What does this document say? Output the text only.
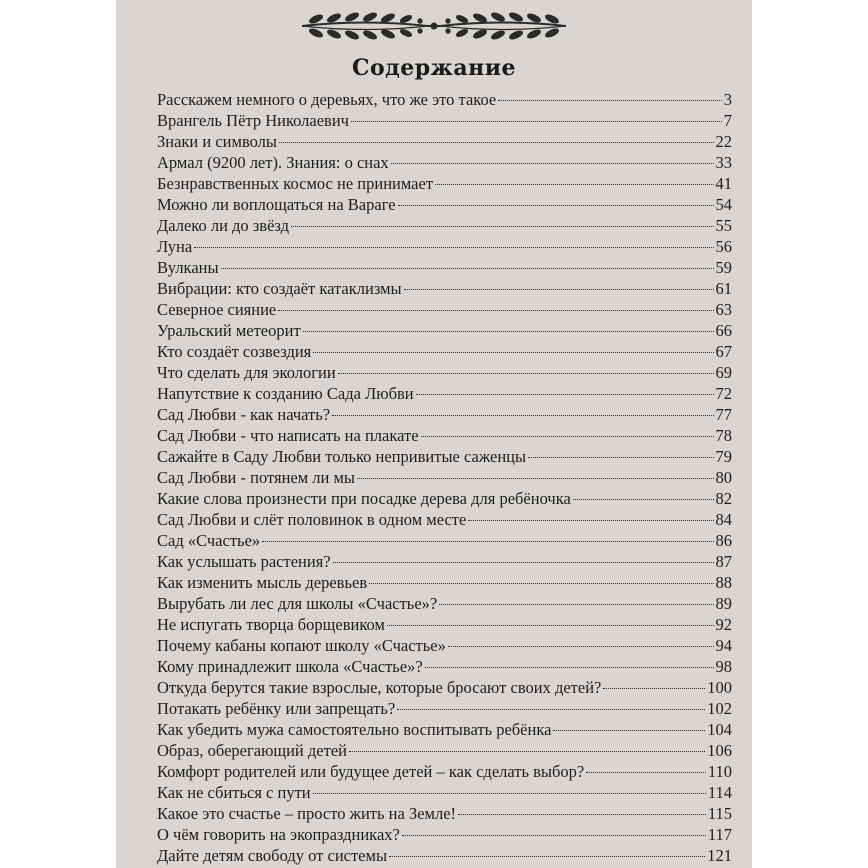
Содержание
Расскажем немного о деревьях, что же это такое	3
Врангель Пётр Николаевич	7
Знаки и символы	22
Армал (9200 лет). Знания: о снах	33
Безнравственных космос не принимает	41
Можно ли воплощаться на Вараге	54
Далеко ли до звёзд	55
Луна	56
Вулканы	59
Вибрации: кто создаёт катаклизмы	61
Северное сияние	63
Уральский метеорит	66
Кто создаёт созвездия	67
Что сделать для экологии	69
Напутствие к созданию Сада Любви	72
Сад Любви - как начать?	77
Сад Любви - что написать на плакате	78
Сажайте в Саду Любви только непривитые саженцы	79
Сад Любви - потянем ли мы	80
Какие слова произнести при посадке дерева для ребёночка	82
Сад Любви и слёт половинок в одном месте	84
Сад «Счастье»	86
Как услышать растения?	87
Как изменить мысль деревьев	88
Вырубать ли лес для школы «Счастье»?	89
Не испугать творца борщевиком	92
Почему кабаны копают школу «Счастье»	94
Кому принадлежит школа «Счастье»?	98
Откуда берутся такие взрослые, которые бросают своих детей?	100
Потакать ребёнку или запрещать?	102
Как убедить мужа самостоятельно воспитывать ребёнка	104
Образ, оберегающий детей	106
Комфорт родителей или будущее детей – как сделать выбор?	110
Как не сбиться с пути	114
Какое это счастье – просто жить на Земле!	115
О чём говорить на экопраздниках?	117
Дайте детям свободу от системы	121
